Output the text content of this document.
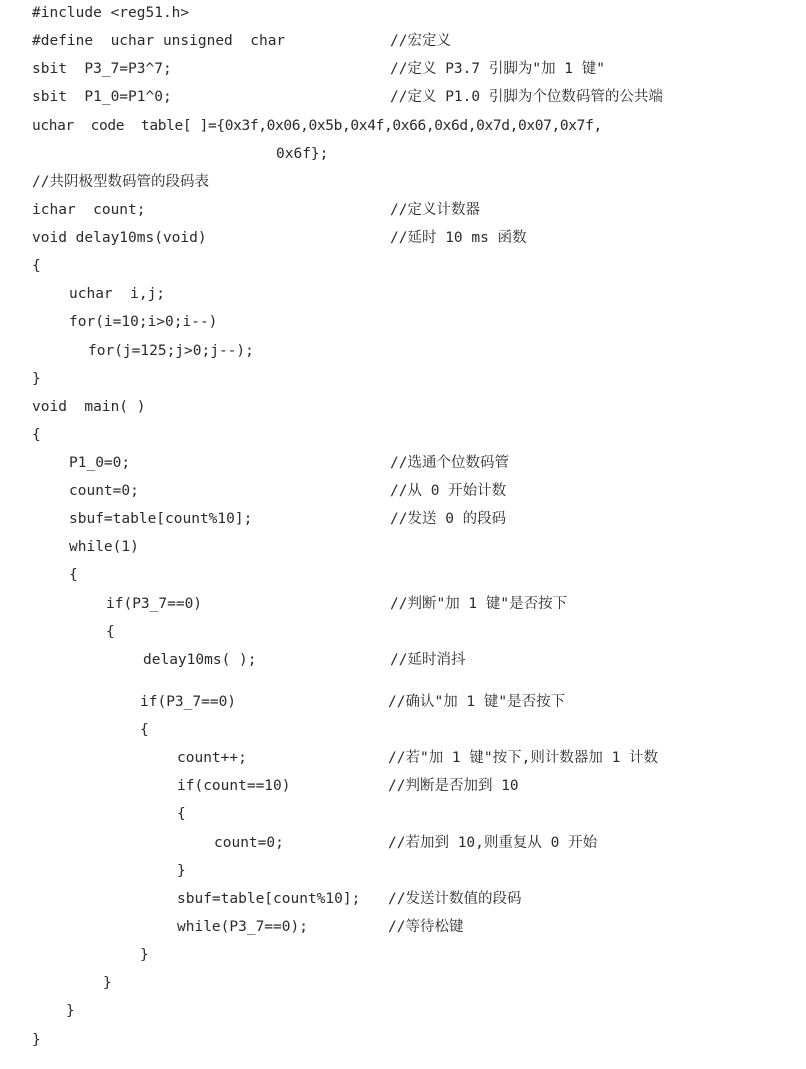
#include <reg51.h>
#define  uchar unsigned  char	//宏定义
sbit  P3_7=P3^7;	//定义 P3.7 引脚为"加 1 键"
sbit  P1_0=P1^0;	//定义 P1.0 引脚为个位数码管的公共端
uchar  code  table[ ]={0x3f,0x06,0x5b,0x4f,0x66,0x6d,0x7d,0x07,0x7f,
0x6f};
//共阴极型数码管的段码表
ichar  count;	//定义计数器
void delay10ms(void)	//延时 10 ms 函数
{
uchar  i,j;
for(i=10;i>0;i--)
for(j=125;j>0;j--);
}
void  main( )
{
P1_0=0;	//选通个位数码管
count=0;	//从 0 开始计数
sbuf=table[count%10];	//发送 0 的段码
while(1)
{
if(P3_7==0)	//判断"加 1 键"是否按下
{
delay10ms( );	//延时消抖
if(P3_7==0)	//确认"加 1 键"是否按下
{
count++;	//若"加 1 键"按下,则计数器加 1 计数
if(count==10)	//判断是否加到 10
{
count=0;	//若加到 10,则重复从 0 开始
}
sbuf=table[count%10]; //发送计数值的段码
while(P3_7==0);	//等待松键
}
}
}
}
